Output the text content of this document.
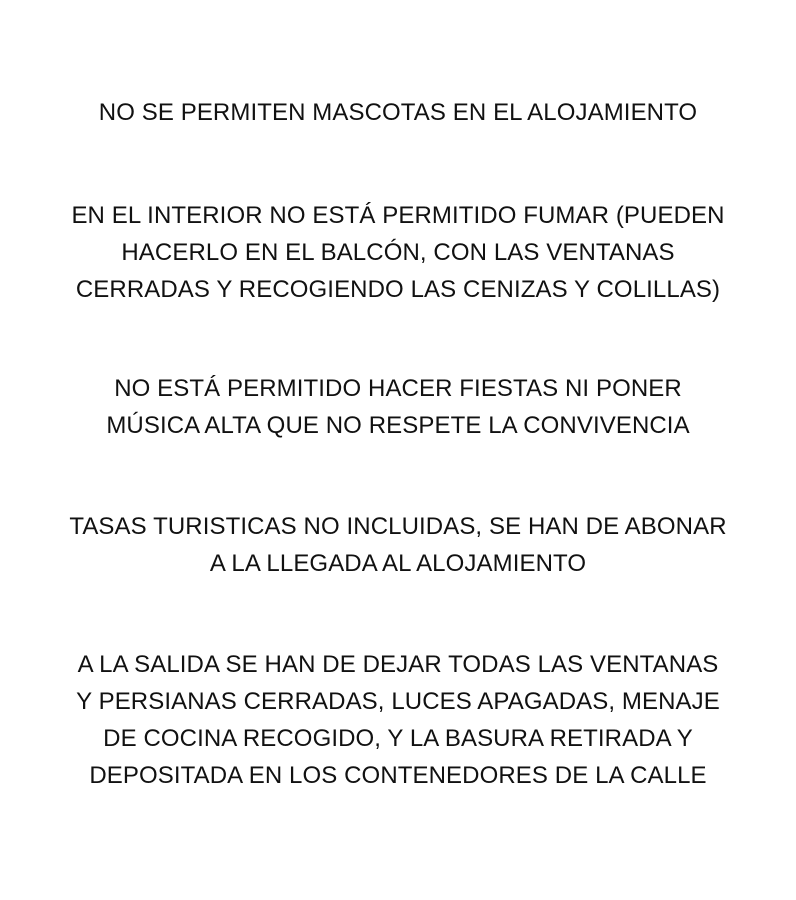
NO SE PERMITEN MASCOTAS EN EL ALOJAMIENTO
EN EL INTERIOR NO ESTÁ PERMITIDO FUMAR (PUEDEN
HACERLO EN EL BALCÓN, CON LAS VENTANAS
CERRADAS Y RECOGIENDO LAS CENIZAS Y COLILLAS)
NO ESTÁ PERMITIDO HACER FIESTAS NI PONER
MÚSICA ALTA QUE NO RESPETE LA CONVIVENCIA
TASAS TURISTICAS NO INCLUIDAS, SE HAN DE ABONAR
A LA LLEGADA AL ALOJAMIENTO
A LA SALIDA SE HAN DE DEJAR TODAS LAS VENTANAS
Y PERSIANAS CERRADAS, LUCES APAGADAS, MENAJE
DE COCINA RECOGIDO, Y LA BASURA RETIRADA Y
DEPOSITADA EN LOS CONTENEDORES DE LA CALLE
